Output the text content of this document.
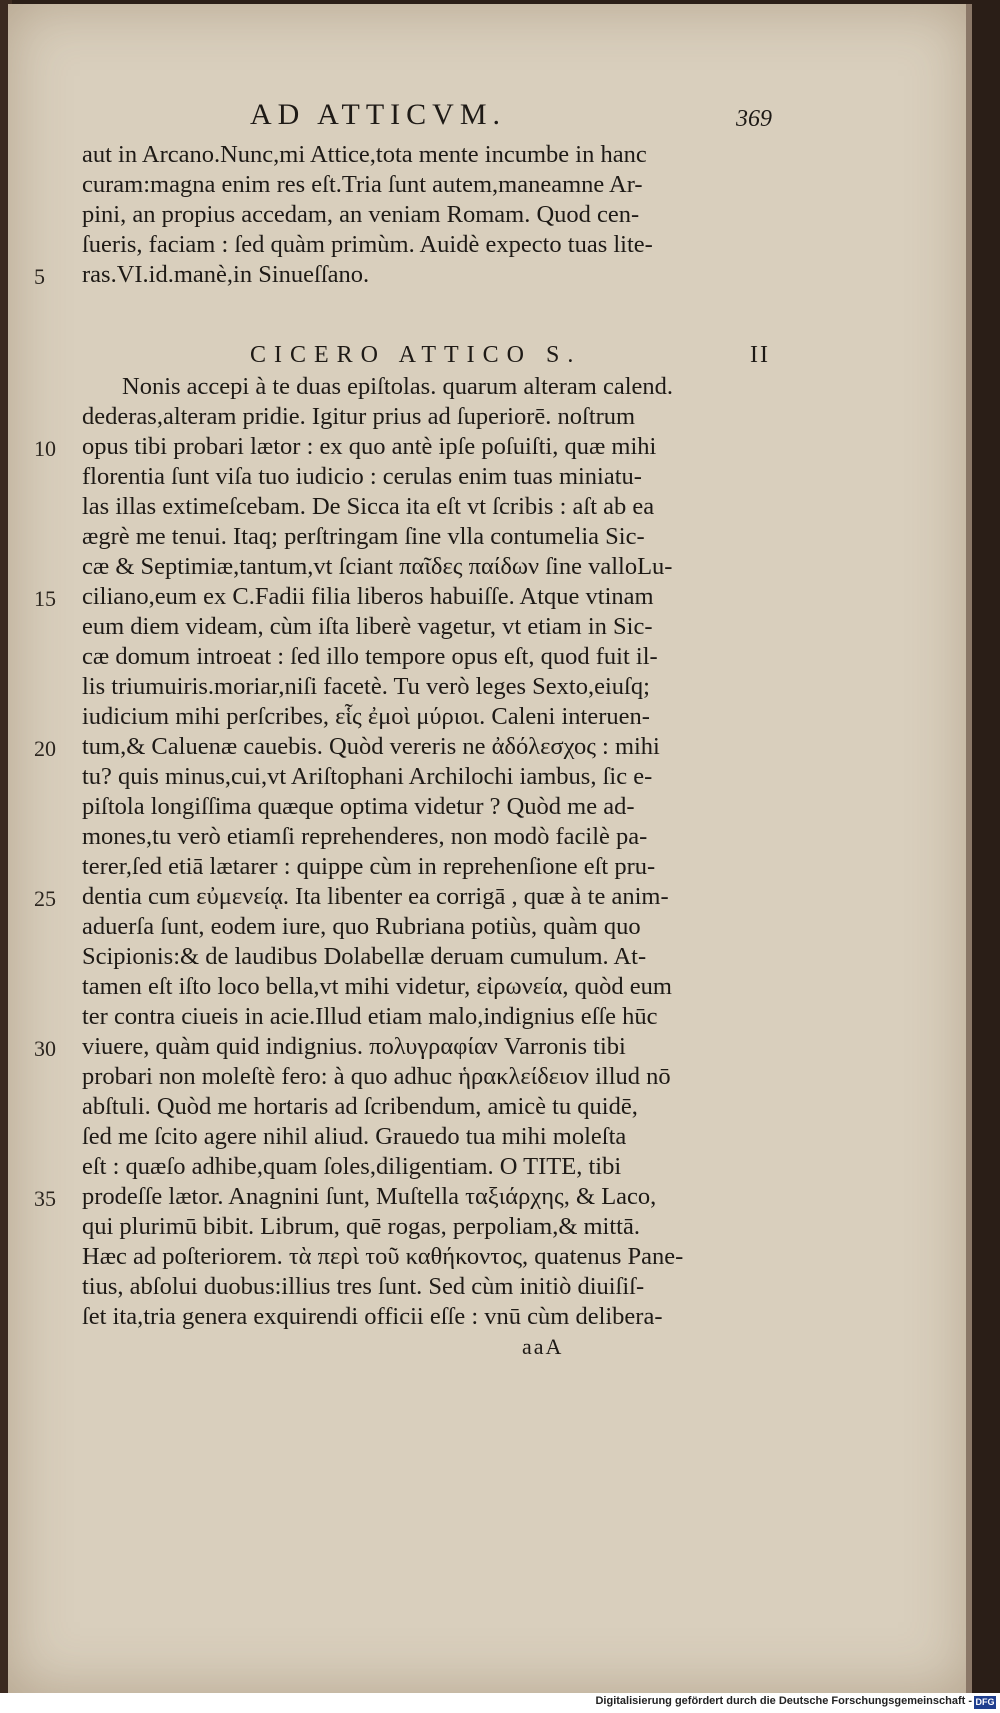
AD ATTICVM.	369
aut in Arcano.Nunc,mi Attice,tota mente incumbe in hanc
curam:magna enim res eſt.Tria ſunt autem,maneamne Ar-
pini, an propius accedam, an veniam Romam. Quod cen-
ſueris, faciam : ſed quàm primùm. Auidè expecto tuas lite-
ras.VI.id.manè,in Sinueſſano.
5
CICERO ATTICO S.	II
Nonis accepi à te duas epiſtolas. quarum alteram calend.
dederas,alteram pridie. Igitur prius ad ſuperiorē. noſtrum
opus tibi probari lætor : ex quo antè ipſe poſuiſti, quæ mihi
florentia ſunt viſa tuo iudicio : cerulas enim tuas miniatu-
las illas extimeſcebam. De Sicca ita eſt vt ſcribis : aſt ab ea
ægrè me tenui. Itaq; perſtringam ſine vlla contumelia Sic-
cæ & Septimiæ,tantum,vt ſciant παῖδες παίδων ſine valloLu-
ciliano,eum ex C.Fadii filia liberos habuiſſe. Atque vtinam
eum diem videam, cùm iſta liberè vagetur, vt etiam in Sic-
cæ domum introeat : ſed illo tempore opus eſt, quod fuit il-
lis triumuiris.moriar,niſi facetè. Tu verò leges Sexto,eiuſq;
iudicium mihi perſcribes, εἷς ἐμοὶ μύριοι. Caleni interuen-
tum,& Caluenæ cauebis. Quòd vereris ne ἀδόλεσχος : mihi
tu? quis minus,cui,vt Ariſtophani Archilochi iambus, ſic e-
piſtola longiſſima quæque optima videtur ? Quòd me ad-
mones,tu verò etiamſi reprehenderes, non modò facilè pa-
terer,ſed etiā lætarer : quippe cùm in reprehenſione eſt pru-
dentia cum εὐμενείᾳ. Ita libenter ea corrigā , quæ à te anim-
aduerſa ſunt, eodem iure, quo Rubriana potiùs, quàm quo
Scipionis:& de laudibus Dolabellæ deruam cumulum. At-
tamen eſt iſto loco bella,vt mihi videtur, εἰρωνεία, quòd eum
ter contra ciueis in acie.Illud etiam malo,indignius eſſe hūc
viuere, quàm quid indignius. πολυγραφίαν Varronis tibi
probari non moleſtè fero: à quo adhuc ἡρακλείδειον illud nō
abſtuli. Quòd me hortaris ad ſcribendum, amicè tu quidē,
ſed me ſcito agere nihil aliud. Grauedo tua mihi moleſta
eſt : quæſo adhibe,quam ſoles,diligentiam. O TITE, tibi
prodeſſe lætor. Anagnini ſunt, Muſtella ταξιάρχης, & Laco,
qui plurimū bibit. Librum, quē rogas, perpoliam,& mittā.
Hæc ad poſteriorem. τὰ περὶ τοῦ καθήκοντος, quatenus Pane-
tius, abſolui duobus:illius tres ſunt. Sed cùm initiò diuiſiſ-
ſet ita,tria genera exquirendi officii eſſe : vnū cùm delibera-
10
15
20
25
30
35
aaA
Digitalisierung gefördert durch die Deutsche Forschungsgemeinschaft - DFG
